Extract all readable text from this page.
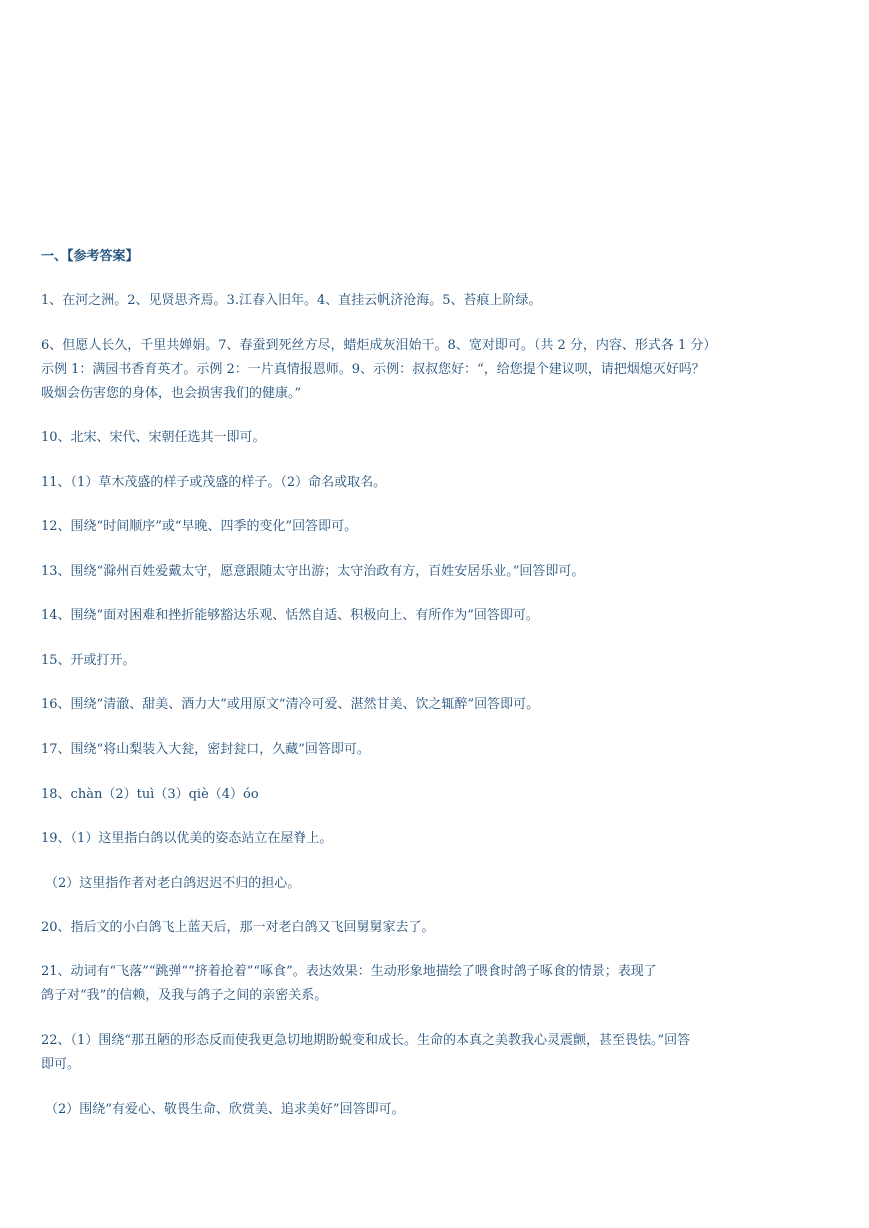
一、【参考答案】
1、在河之洲。2、见贤思齐焉。3.江春入旧年。4、直挂云帆济沧海。5、苔痕上阶绿。
6、但愿人长久，千里共婵娟。7、春蚕到死丝方尽，蜡炬成灰泪始干。8、宽对即可。（共 2 分，内容、形式各 1 分）
示例 1：满园书香育英才。示例 2：一片真情报恩师。9、示例：叔叔您好：“，给您提个建议呗，请把烟熄灭好吗？
吸烟会伤害您的身体，也会损害我们的健康。”
10、北宋、宋代、宋朝任选其一即可。
11、（1）草木茂盛的样子或茂盛的样子。（2）命名或取名。
12、围绕“时间顺序”或“早晚、四季的变化”回答即可。
13、围绕“滁州百姓爱戴太守，愿意跟随太守出游；太守治政有方，百姓安居乐业。”回答即可。
14、围绕“面对困难和挫折能够豁达乐观、恬然自适、积极向上、有所作为”回答即可。
15、开或打开。
16、围绕“清澈、甜美、酒力大”或用原文“清冷可爱、湛然甘美、饮之辄醉”回答即可。
17、围绕“将山梨装入大瓮，密封瓮口，久藏”回答即可。
18、chàn（2）tuì（3）qiè（4）óo
19、（1）这里指白鸽以优美的姿态站立在屋脊上。
（2）这里指作者对老白鸽迟迟不归的担心。
20、指后文的小白鸽飞上蓝天后，那一对老白鸽又飞回舅舅家去了。
21、动词有“飞落”“跳弹”“挤着抢着”“啄食”。表达效果：生动形象地描绘了喂食时鸽子啄食的情景；表现了
鸽子对“我”的信赖，及我与鸽子之间的亲密关系。
22、（1）围绕“那丑陋的形态反而使我更急切地期盼蜕变和成长。生命的本真之美教我心灵震颤，甚至畏怯。”回答
即可。
（2）围绕“有爱心、敬畏生命、欣赏美、追求美好”回答即可。
